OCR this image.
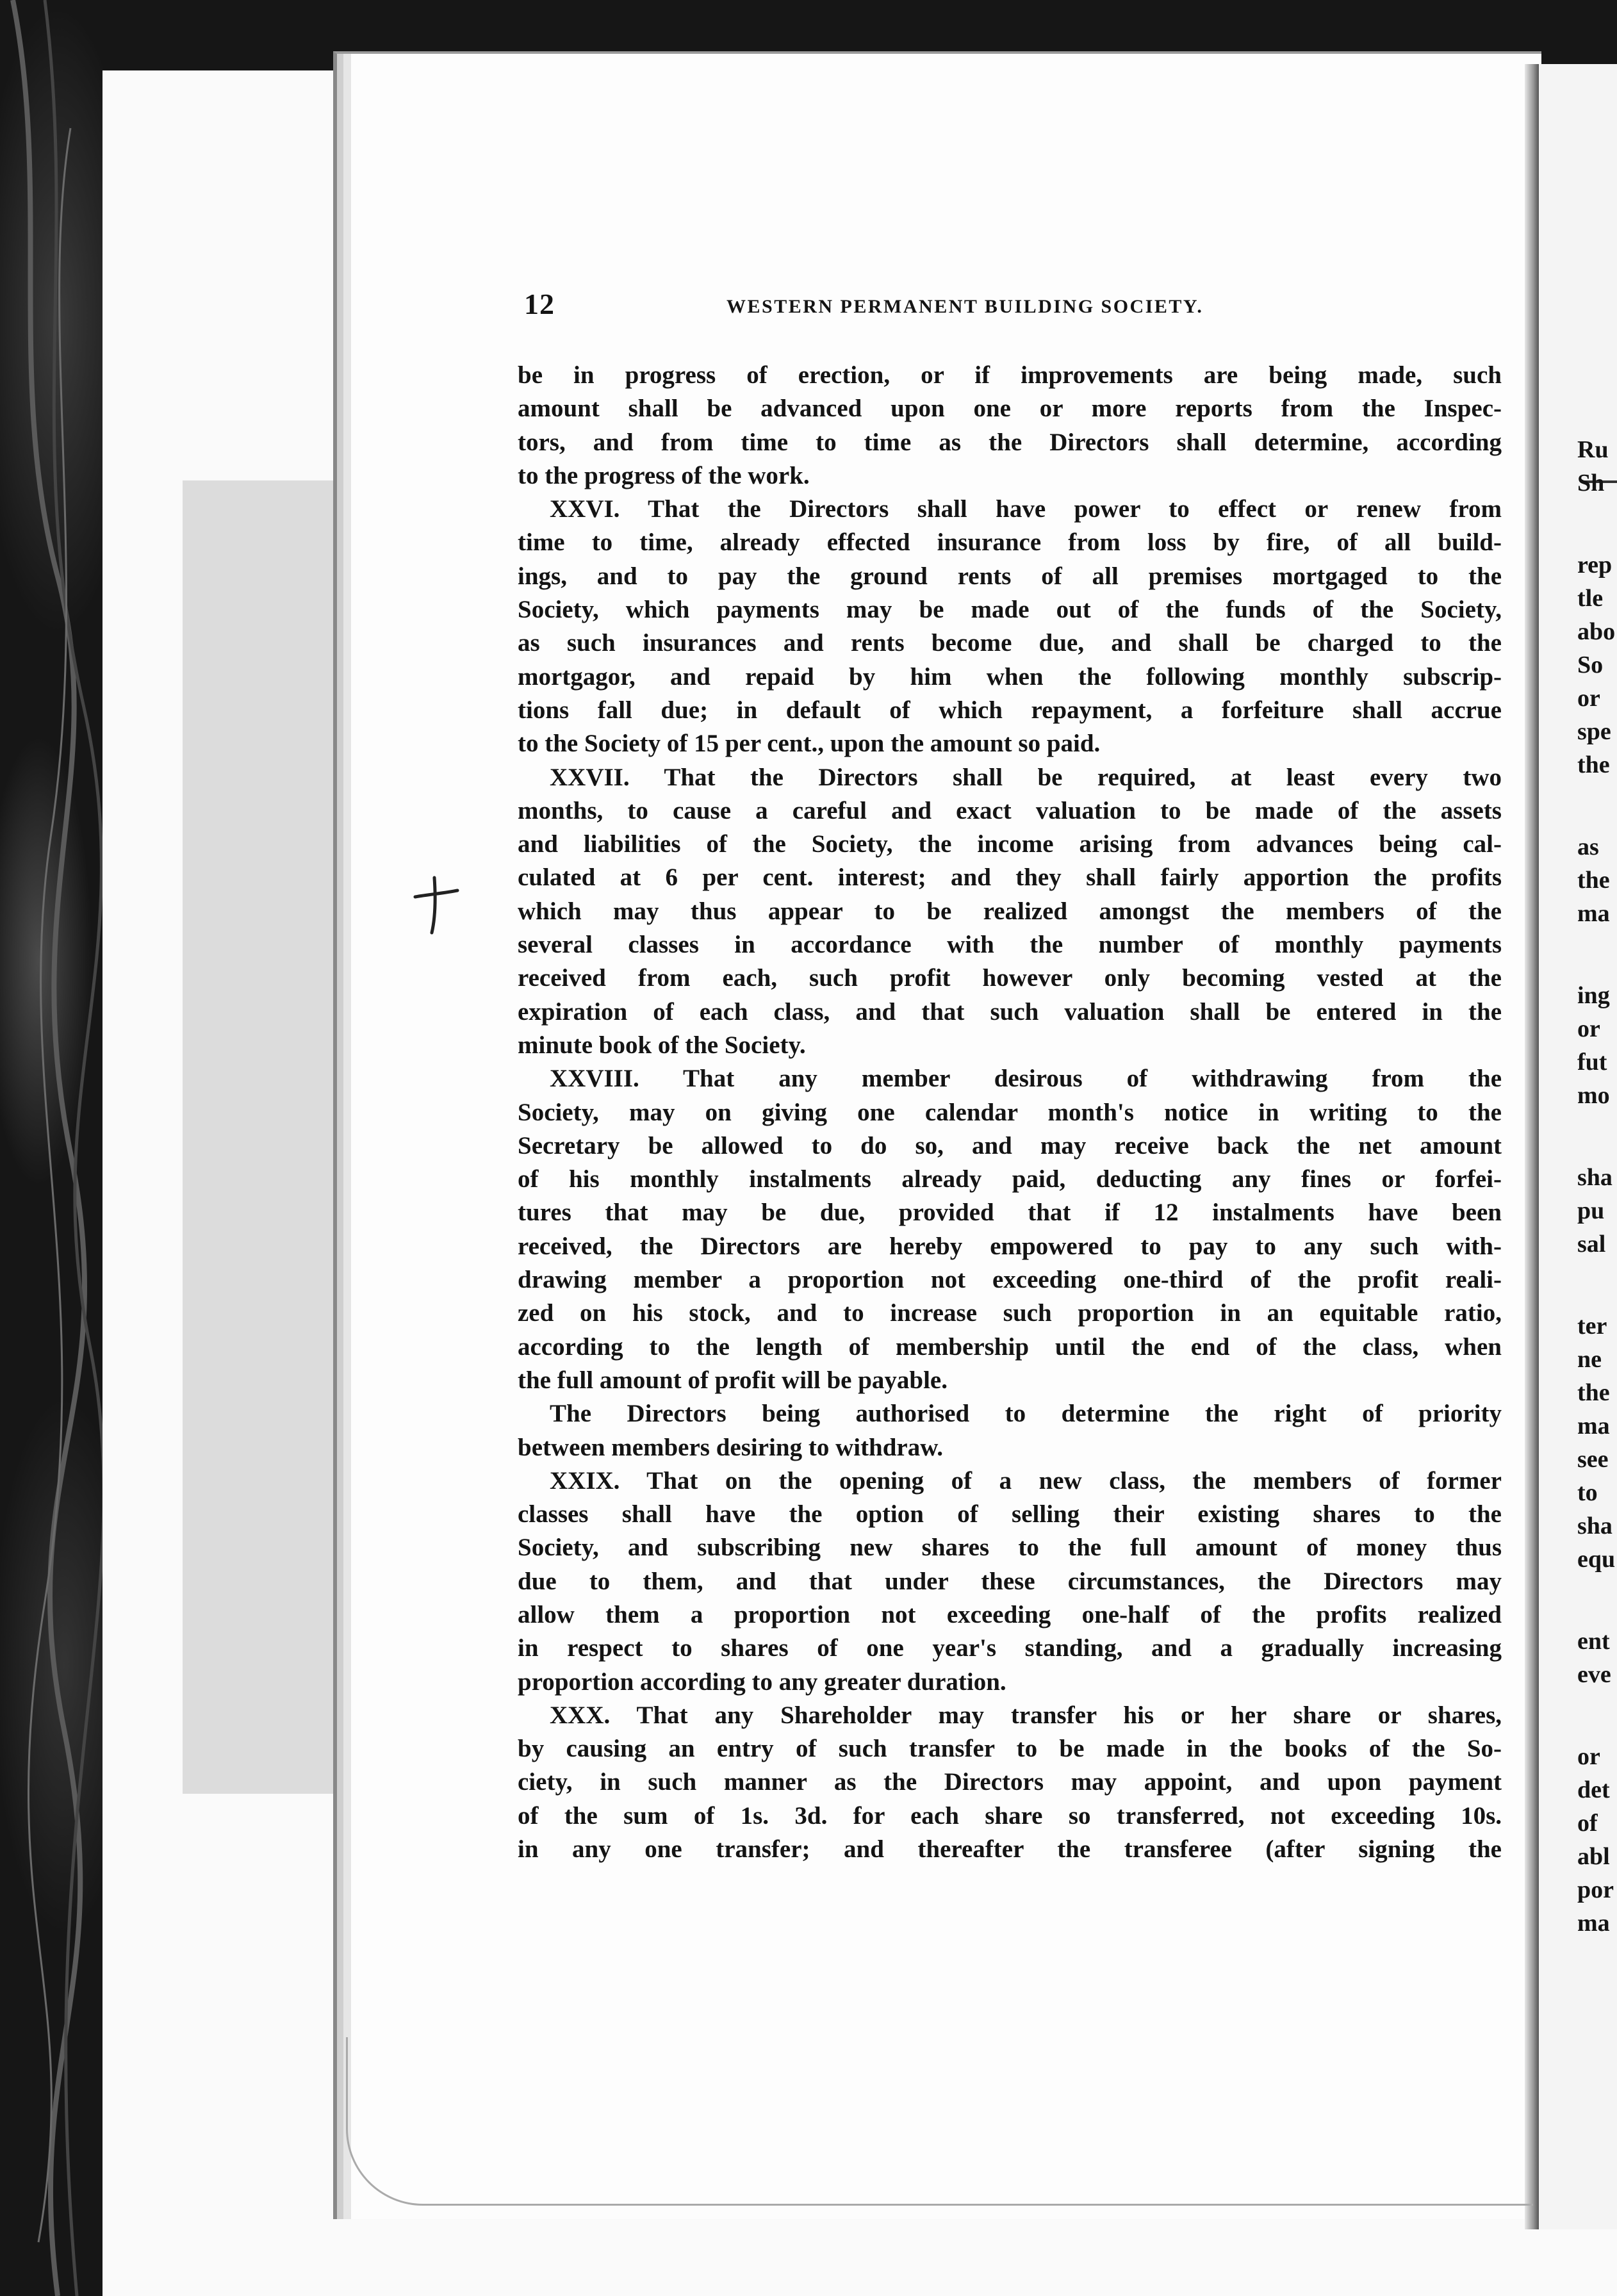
12	WESTERN PERMANENT BUILDING SOCIETY.
be in progress of erection, or if improvements are being made, such
amount shall be advanced upon one or more reports from the Inspec-
tors, and from time to time as the Directors shall determine, according
to the progress of the work.
XXVI. That the Directors shall have power to effect or renew from
time to time, already effected insurance from loss by fire, of all build-
ings, and to pay the ground rents of all premises mortgaged to the
Society, which payments may be made out of the funds of the Society,
as such insurances and rents become due, and shall be charged to the
mortgagor, and repaid by him when the following monthly subscrip-
tions fall due; in default of which repayment, a forfeiture shall accrue
to the Society of 15 per cent., upon the amount so paid.
XXVII. That the Directors shall be required, at least every two
months, to cause a careful and exact valuation to be made of the assets
and liabilities of the Society, the income arising from advances being cal-
culated at 6 per cent. interest; and they shall fairly apportion the profits
which may thus appear to be realized amongst the members of the
several classes in accordance with the number of monthly payments
received from each, such profit however only becoming vested at the
expiration of each class, and that such valuation shall be entered in the
minute book of the Society.
XXVIII. That any member desirous of withdrawing from the
Society, may on giving one calendar month's notice in writing to the
Secretary be allowed to do so, and may receive back the net amount
of his monthly instalments already paid, deducting any fines or forfei-
tures that may be due, provided that if 12 instalments have been
received, the Directors are hereby empowered to pay to any such with-
drawing member a proportion not exceeding one-third of the profit reali-
zed on his stock, and to increase such proportion in an equitable ratio,
according to the length of membership until the end of the class, when
the full amount of profit will be payable.
The Directors being authorised to determine the right of priority
between members desiring to withdraw.
XXIX. That on the opening of a new class, the members of former
classes shall have the option of selling their existing shares to the
Society, and subscribing new shares to the full amount of money thus
due to them, and that under these circumstances, the Directors may
allow them a proportion not exceeding one-half of the profits realized
in respect to shares of one year's standing, and a gradually increasing
proportion according to any greater duration.
XXX. That any Shareholder may transfer his or her share or shares,
by causing an entry of such transfer to be made in the books of the So-
ciety, in such manner as the Directors may appoint, and upon payment
of the sum of 1s. 3d. for each share so transferred, not exceeding 10s.
in any one transfer; and thereafter the transferee (after signing the
Ru
Sh
rep
tle
abo
So
or
spe
the
as
the
ma
ing
or
fut
mo
sha
pu
sal
ter
ne
the
ma
see
to
sha
equ
ent
eve
or
det
of
abl
por
ma
